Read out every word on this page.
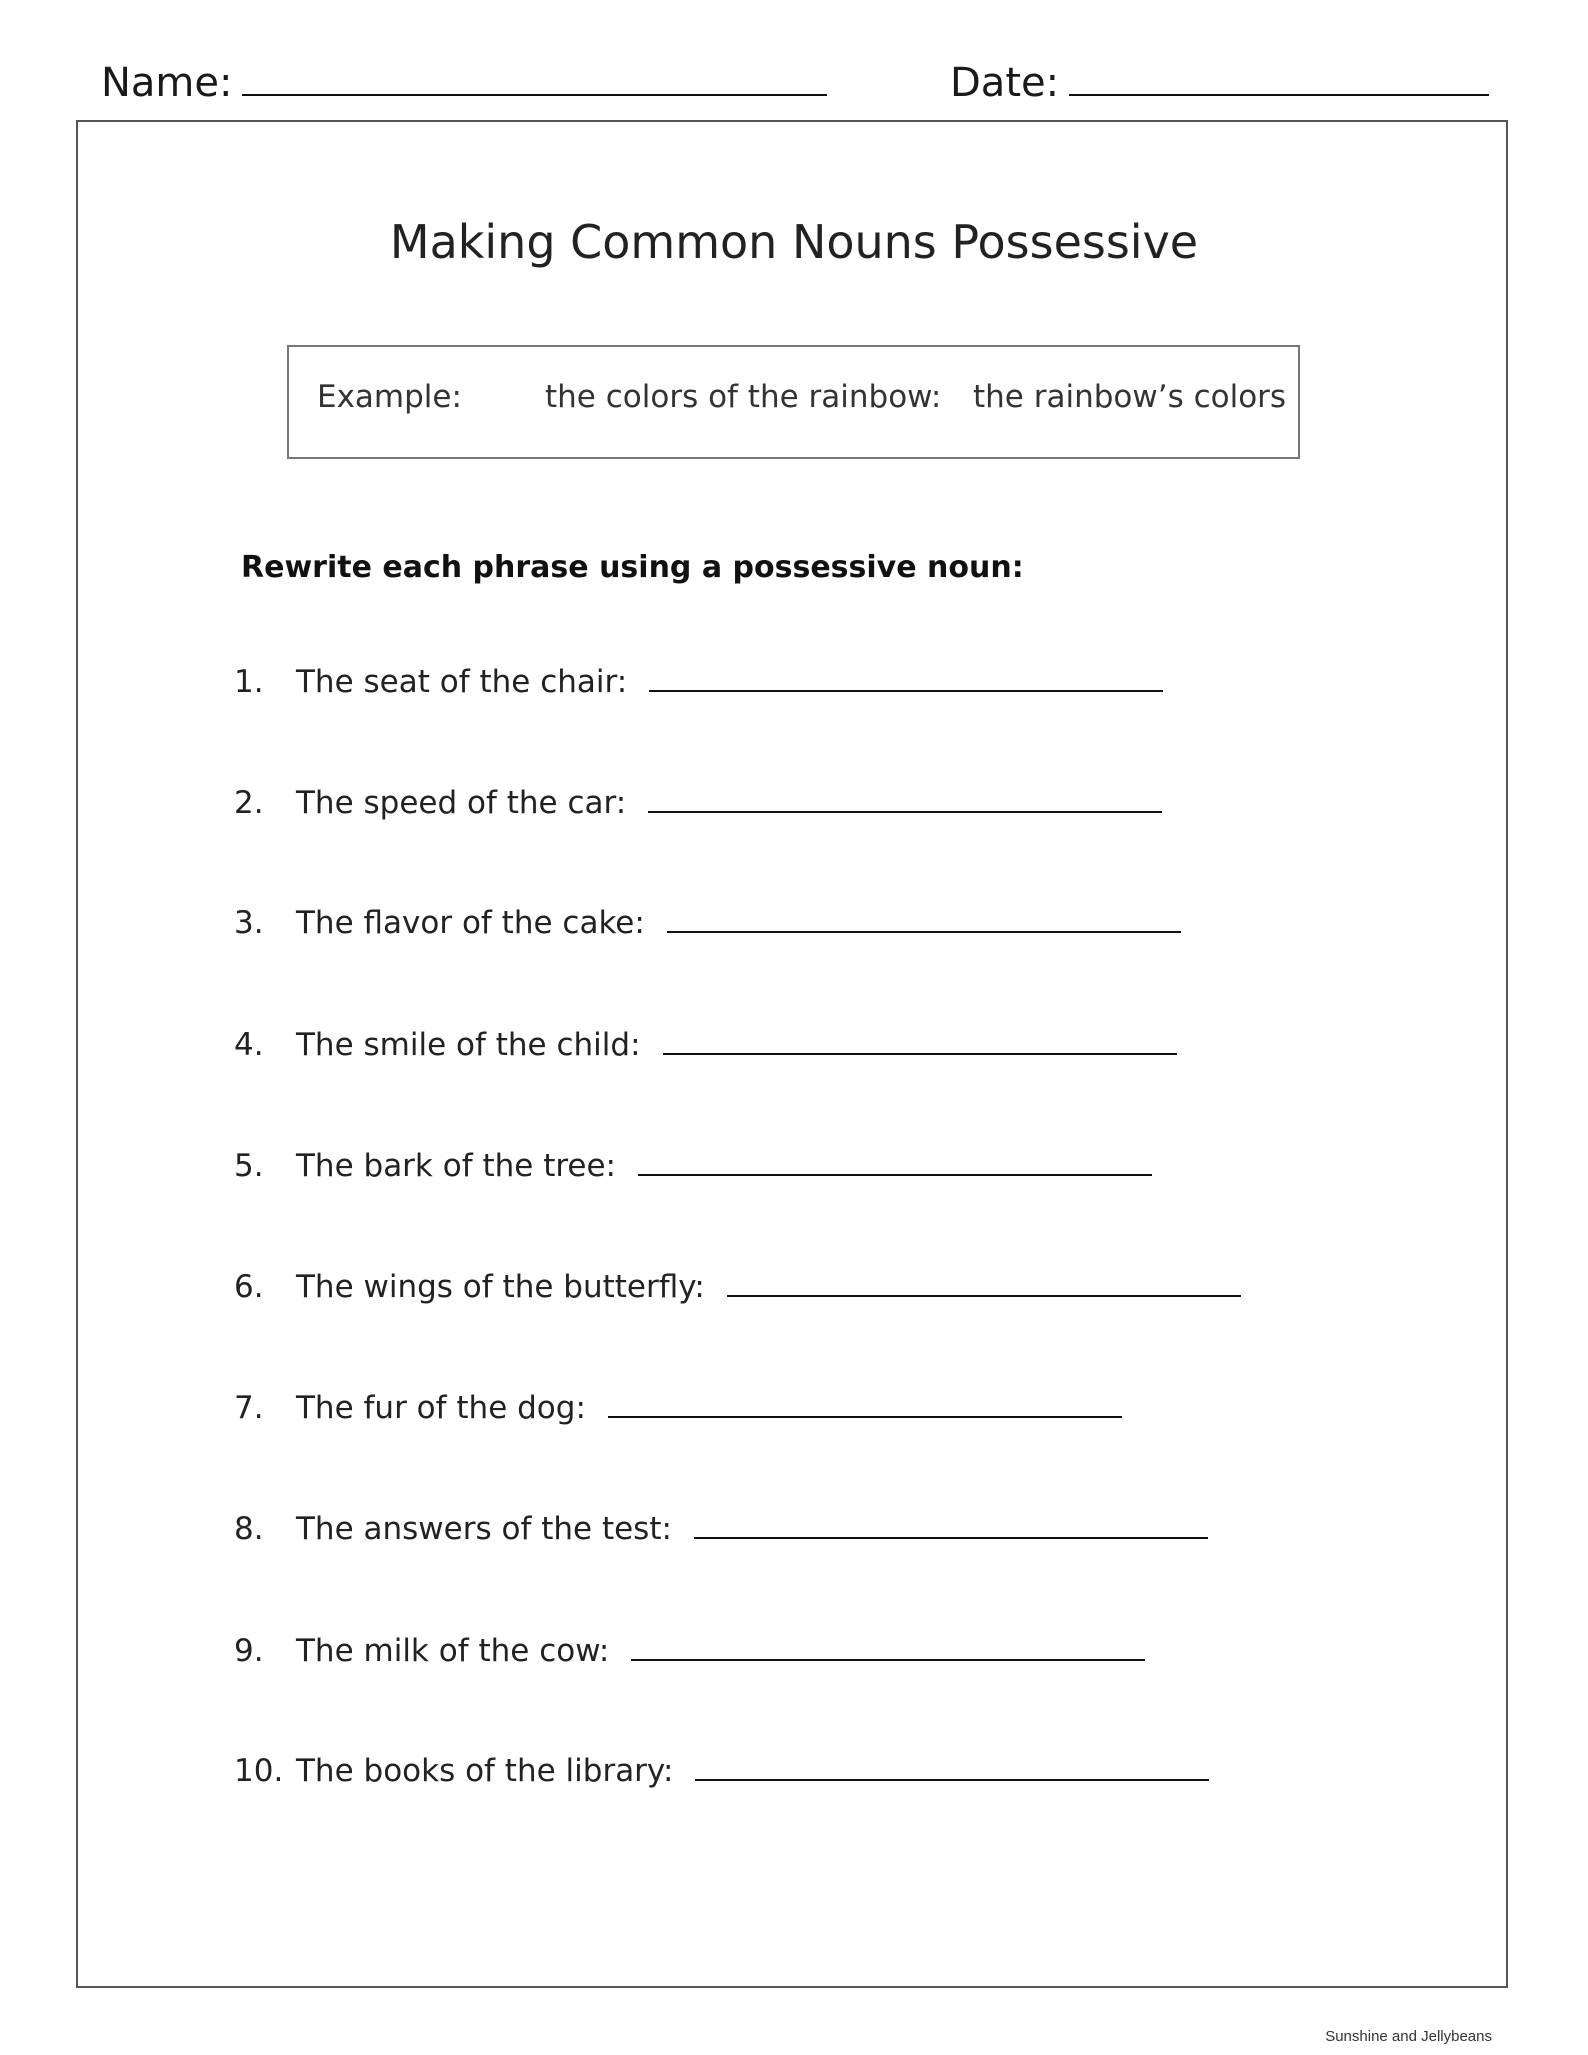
Name:	Date:
Making Common Nouns Possessive
Example:	the colors of the rainbow: the rainbow’s colors
Rewrite each phrase using a possessive noun:
1. The seat of the chair:
2. The speed of the car:
3. The flavor of the cake:
4. The smile of the child:
5. The bark of the tree:
6. The wings of the butterfly:
7. The fur of the dog:
8. The answers of the test:
9. The milk of the cow:
10. The books of the library:
Sunshine and Jellybeans
